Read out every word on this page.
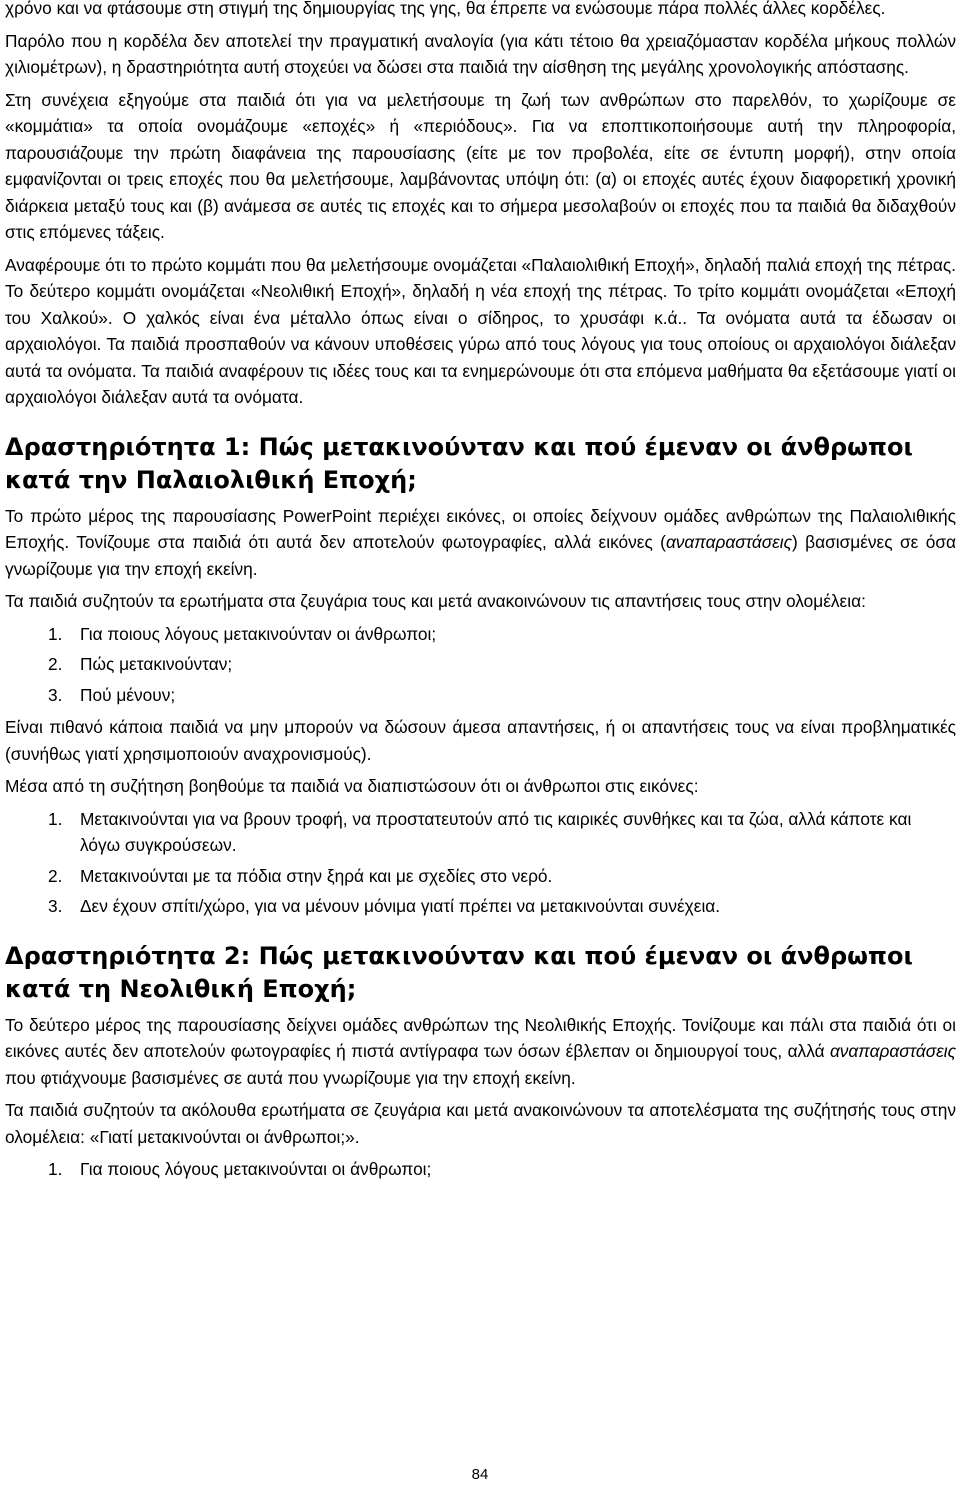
χρόνο και να φτάσουμε στη στιγμή της δημιουργίας της γης, θα έπρεπε να ενώσουμε πάρα πολλές άλλες κορδέλες.

Παρόλο που η κορδέλα δεν αποτελεί την πραγματική αναλογία (για κάτι τέτοιο θα χρειαζόμασταν κορδέλα μήκους πολλών χιλιομέτρων), η δραστηριότητα αυτή στοχεύει να δώσει στα παιδιά την αίσθηση της μεγάλης χρονολογικής απόστασης.

Στη συνέχεια εξηγούμε στα παιδιά ότι για να μελετήσουμε τη ζωή των ανθρώπων στο παρελθόν, το χωρίζουμε σε «κομμάτια» τα οποία ονομάζουμε «εποχές» ή «περιόδους». Για να εποπτικοποιήσουμε αυτή την πληροφορία, παρουσιάζουμε την πρώτη διαφάνεια της παρουσίασης (είτε με τον προβολέα, είτε σε έντυπη μορφή), στην οποία εμφανίζονται οι τρεις εποχές που θα μελετήσουμε, λαμβάνοντας υπόψη ότι: (α) οι εποχές αυτές έχουν διαφορετική χρονική διάρκεια μεταξύ τους και (β) ανάμεσα σε αυτές τις εποχές και το σήμερα μεσολαβούν οι εποχές που τα παιδιά θα διδαχθούν στις επόμενες τάξεις.

Αναφέρουμε ότι το πρώτο κομμάτι που θα μελετήσουμε ονομάζεται «Παλαιολιθική Εποχή», δηλαδή παλιά εποχή της πέτρας. Το δεύτερο κομμάτι ονομάζεται «Νεολιθική Εποχή», δηλαδή η νέα εποχή της πέτρας. Το τρίτο κομμάτι ονομάζεται «Εποχή του Χαλκού». Ο χαλκός είναι ένα μέταλλο όπως είναι ο σίδηρος, το χρυσάφι κ.ά.. Τα ονόματα αυτά τα έδωσαν οι αρχαιολόγοι. Τα παιδιά προσπαθούν να κάνουν υποθέσεις γύρω από τους λόγους για τους οποίους οι αρχαιολόγοι διάλεξαν αυτά τα ονόματα. Τα παιδιά αναφέρουν τις ιδέες τους και τα ενημερώνουμε ότι στα επόμενα μαθήματα θα εξετάσουμε γιατί οι αρχαιολόγοι διάλεξαν αυτά τα ονόματα.

Δραστηριότητα 1: Πώς μετακινούνταν και πού έμεναν οι άνθρωποι κατά την Παλαιολιθική Εποχή;

Το πρώτο μέρος της παρουσίασης PowerPoint περιέχει εικόνες, οι οποίες δείχνουν ομάδες ανθρώπων της Παλαιολιθικής Εποχής. Τονίζουμε στα παιδιά ότι αυτά δεν αποτελούν φωτογραφίες, αλλά εικόνες (αναπαραστάσεις) βασισμένες σε όσα γνωρίζουμε για την εποχή εκείνη.

Τα παιδιά συζητούν τα ερωτήματα στα ζευγάρια τους και μετά ανακοινώνουν τις απαντήσεις τους στην ολομέλεια:

1. Για ποιους λόγους μετακινούνταν οι άνθρωποι;
2. Πώς μετακινούνταν;
3. Πού μένουν;

Είναι πιθανό κάποια παιδιά να μην μπορούν να δώσουν άμεσα απαντήσεις, ή οι απαντήσεις τους να είναι προβληματικές (συνήθως γιατί χρησιμοποιούν αναχρονισμούς).

Μέσα από τη συζήτηση βοηθούμε τα παιδιά να διαπιστώσουν ότι οι άνθρωποι στις εικόνες:

1. Μετακινούνται για να βρουν τροφή, να προστατευτούν από τις καιρικές συνθήκες και τα ζώα, αλλά κάποτε και λόγω συγκρούσεων.
2. Μετακινούνται με τα πόδια στην ξηρά και με σχεδίες στο νερό.
3. Δεν έχουν σπίτι/χώρο, για να μένουν μόνιμα γιατί πρέπει να μετακινούνται συνέχεια.
Δραστηριότητα 2: Πώς μετακινούνταν και πού έμεναν οι άνθρωποι κατά τη Νεολιθική Εποχή;

Το δεύτερο μέρος της παρουσίασης δείχνει ομάδες ανθρώπων της Νεολιθικής Εποχής. Τονίζουμε και πάλι στα παιδιά ότι οι εικόνες αυτές δεν αποτελούν φωτογραφίες ή πιστά αντίγραφα των όσων έβλεπαν οι δημιουργοί τους, αλλά αναπαραστάσεις που φτιάχνουμε βασισμένες σε αυτά που γνωρίζουμε για την εποχή εκείνη.

Τα παιδιά συζητούν τα ακόλουθα ερωτήματα σε ζευγάρια και μετά ανακοινώνουν τα αποτελέσματα της συζήτησής τους στην ολομέλεια: «Γιατί μετακινούνται οι άνθρωποι;».

1. Για ποιους λόγους μετακινούνται οι άνθρωποι;
84
